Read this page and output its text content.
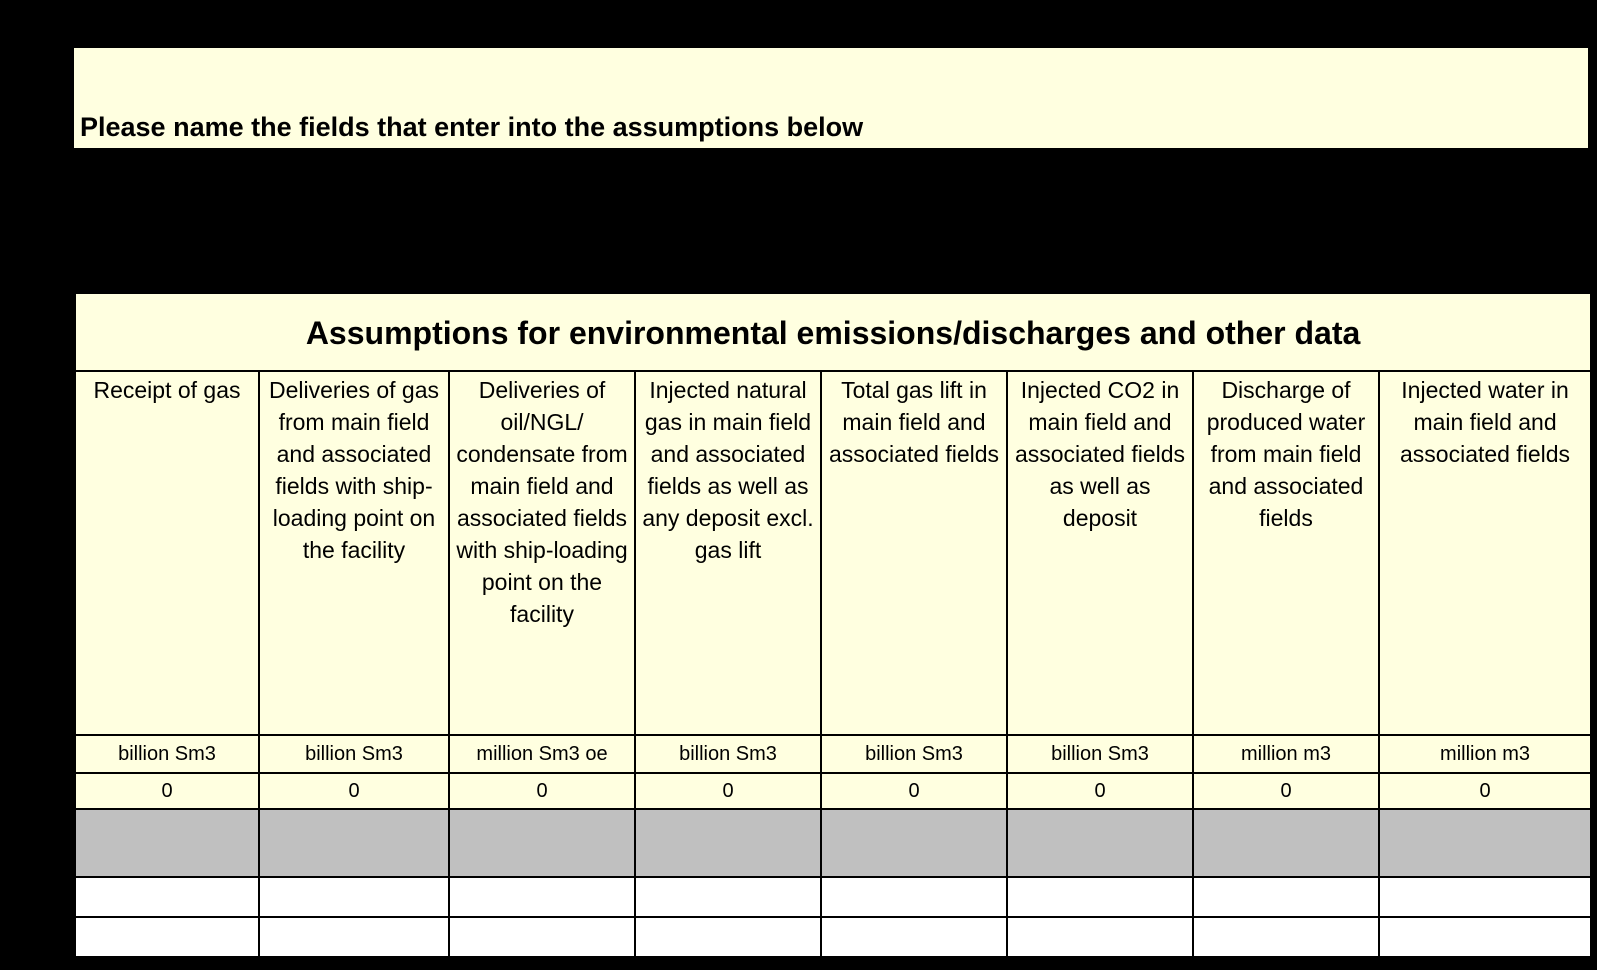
Please name the fields that enter into the assumptions below
Assumptions for environmental emissions/discharges and other data							
Receipt of gas	Deliveries of gas from main field and associated fields with ship-loading point on the facility	Deliveries of oil/NGL/ condensate from main field and associated fields with ship-loading point on the facility	Injected natural gas in main field and associated fields as well as any deposit excl. gas lift	Total gas lift in main field and associated fields	Injected CO2 in main field and associated fields as well as deposit	Discharge of produced water from main field and associated fields	Injected water in main field and associated fields
billion Sm3	billion Sm3	million Sm3 oe	billion Sm3	billion Sm3	billion Sm3	million m3	million m3
0	0	0	0	0	0	0	0
